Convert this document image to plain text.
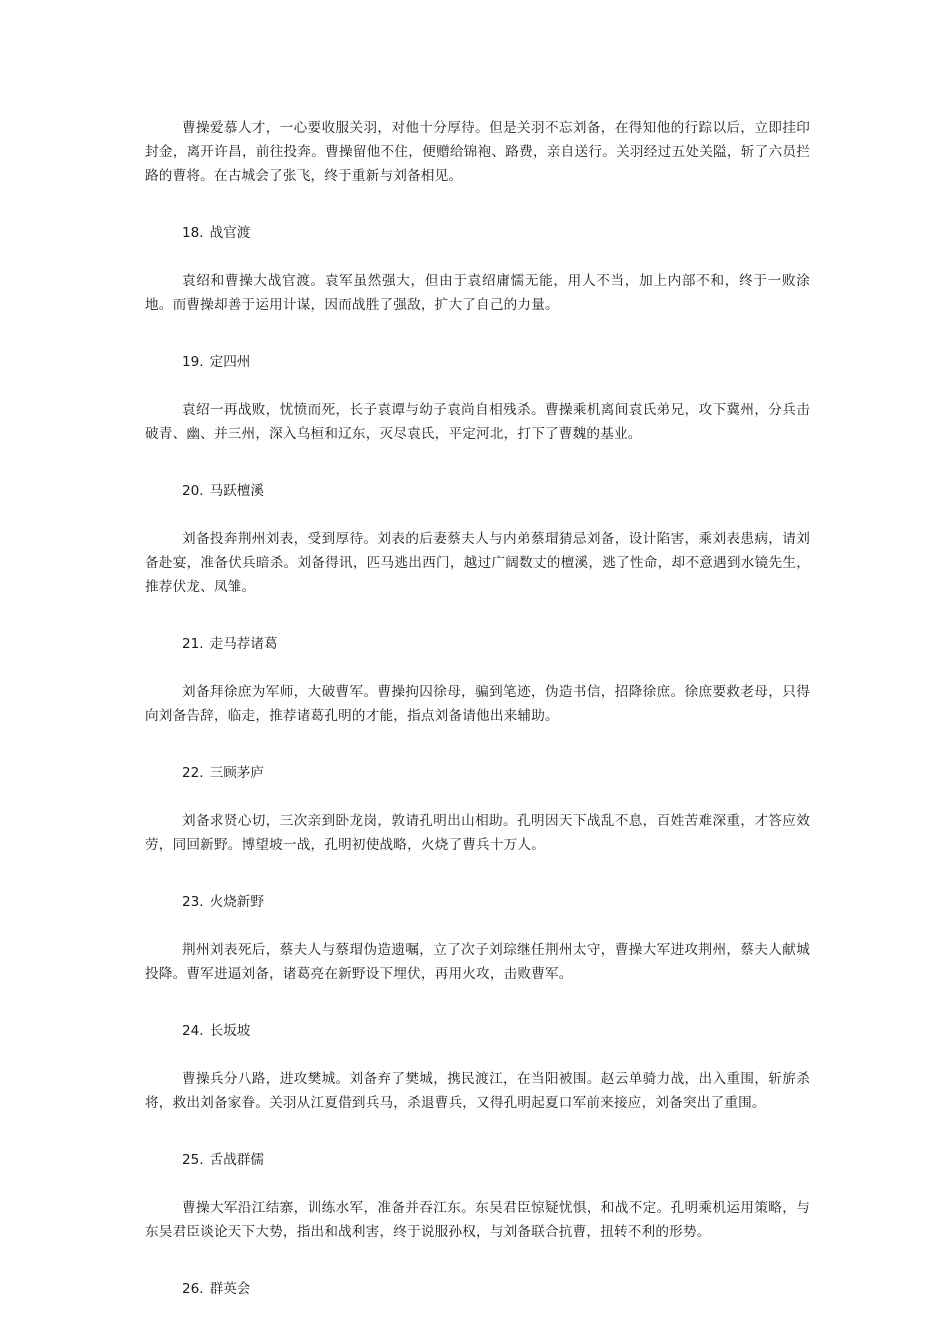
曹操爱慕人才，一心要收服关羽，对他十分厚待。但是关羽不忘刘备，在得知他的行踪以后，立即挂印封金，离开许昌，前往投奔。曹操留他不住，便赠给锦袍、路费，亲自送行。关羽经过五处关隘，斩了六员拦路的曹将。在古城会了张飞，终于重新与刘备相见。

18. 战官渡

袁绍和曹操大战官渡。袁军虽然强大，但由于袁绍庸懦无能，用人不当，加上内部不和，终于一败涂地。而曹操却善于运用计谋，因而战胜了强敌，扩大了自己的力量。

19. 定四州

袁绍一再战败，忧愤而死，长子袁谭与幼子袁尚自相残杀。曹操乘机离间袁氏弟兄，攻下冀州，分兵击破青、幽、并三州，深入乌桓和辽东，灭尽袁氏，平定河北，打下了曹魏的基业。

20. 马跃檀溪

刘备投奔荆州刘表，受到厚待。刘表的后妻蔡夫人与内弟蔡瑁猜忌刘备，设计陷害，乘刘表患病，请刘备赴宴，准备伏兵暗杀。刘备得讯，匹马逃出西门，越过广阔数丈的檀溪，逃了性命，却不意遇到水镜先生，推荐伏龙、凤雏。

21. 走马荐诸葛

刘备拜徐庶为军师，大破曹军。曹操拘囚徐母，骗到笔迹，伪造书信，招降徐庶。徐庶要救老母，只得向刘备告辞，临走，推荐诸葛孔明的才能，指点刘备请他出来辅助。

22. 三顾茅庐

刘备求贤心切，三次亲到卧龙岗，敦请孔明出山相助。孔明因天下战乱不息，百姓苦难深重，才答应效劳，同回新野。博望坡一战，孔明初使战略，火烧了曹兵十万人。

23. 火烧新野

荆州刘表死后，蔡夫人与蔡瑁伪造遗嘱，立了次子刘琮继任荆州太守，曹操大军进攻荆州，蔡夫人献城投降。曹军进逼刘备，诸葛亮在新野设下埋伏，再用火攻，击败曹军。

24. 长坂坡

曹操兵分八路，进攻樊城。刘备弃了樊城，携民渡江，在当阳被围。赵云单骑力战，出入重围，斩旂杀将，救出刘备家眷。关羽从江夏借到兵马，杀退曹兵，又得孔明起夏口军前来接应，刘备突出了重围。

25. 舌战群儒

曹操大军沿江结寨，训练水军，准备并吞江东。东吴君臣惊疑忧惧，和战不定。孔明乘机运用策略，与东吴君臣谈论天下大势，指出和战利害，终于说服孙权，与刘备联合抗曹，扭转不利的形势。

26. 群英会
